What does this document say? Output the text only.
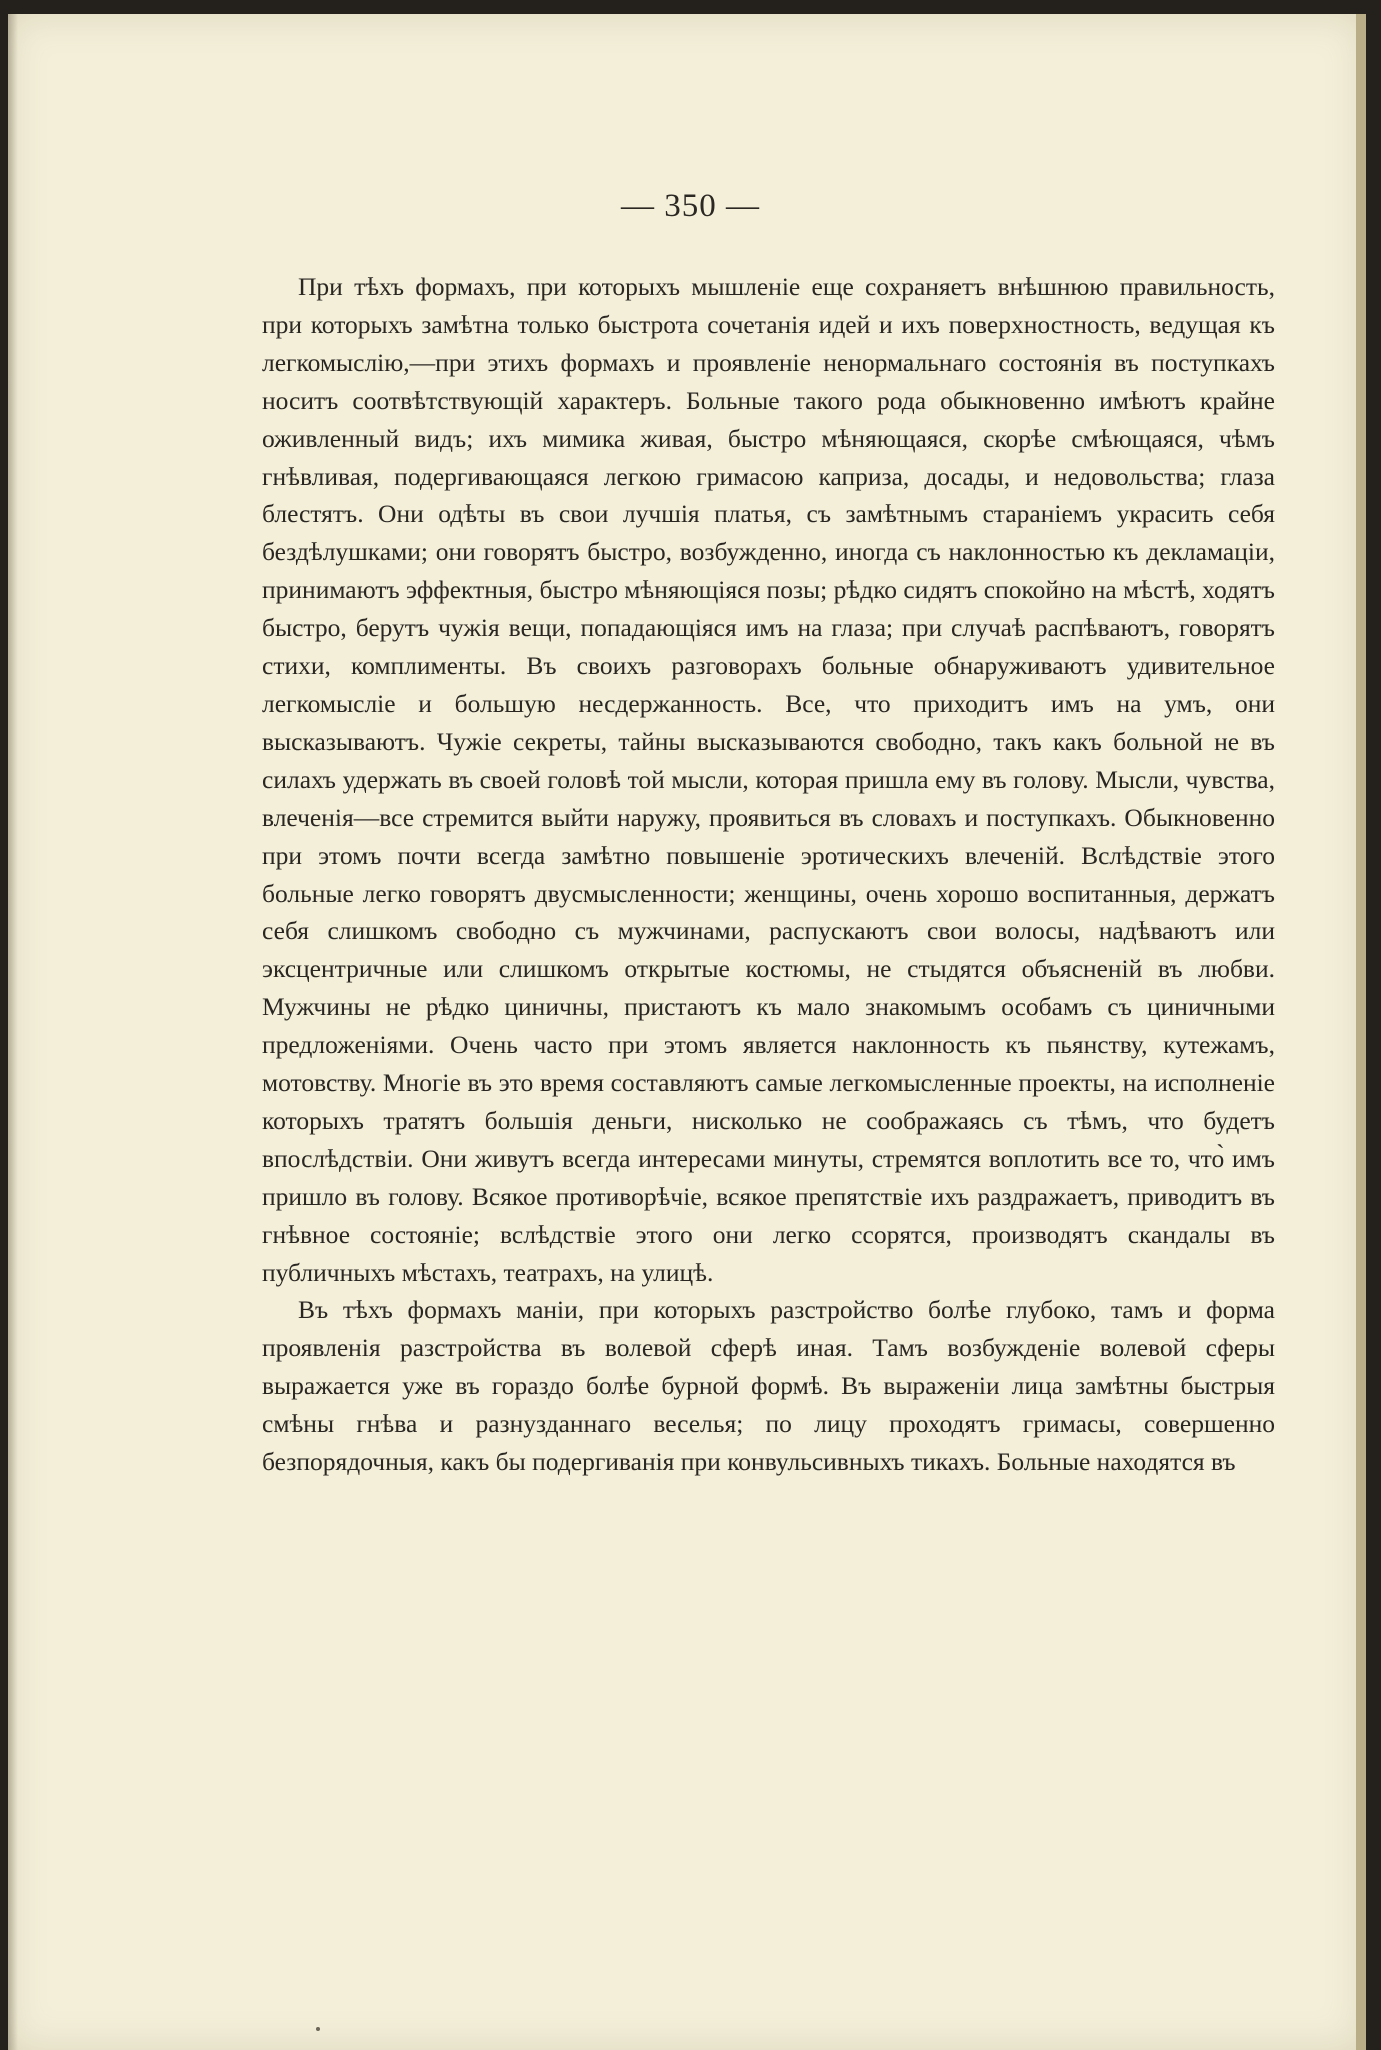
— 350 —

При тѣхъ формахъ, при которыхъ мышленіе еще сохраняетъ внѣшнюю правильность, при которыхъ замѣтна только быстрота сочетанія идей и ихъ поверхностность, ведущая къ легкомыслію,—при этихъ формахъ и проявленіе ненормальнаго состоянія въ поступкахъ носитъ соотвѣтствующій характеръ. Больные такого рода обыкновенно имѣютъ крайне оживленный видъ; ихъ мимика живая, быстро мѣняющаяся, скорѣе смѣющаяся, чѣмъ гнѣвливая, подергивающаяся легкою гримасою каприза, досады, и недовольства; глаза блестятъ. Они одѣты въ свои лучшія платья, съ замѣтнымъ стараніемъ украсить себя бездѣлушками; они говорятъ быстро, возбужденно, иногда съ наклонностью къ декламаціи, принимаютъ эффектныя, быстро мѣняющіяся позы; рѣдко сидятъ спокойно на мѣстѣ, ходятъ быстро, берутъ чужія вещи, попадающіяся имъ на глаза; при случаѣ распѣваютъ, говорятъ стихи, комплименты. Въ своихъ разговорахъ больные обнаруживаютъ удивительное легкомысліе и большую несдержанность. Все, что приходитъ имъ на умъ, они высказываютъ. Чужіе секреты, тайны высказываются свободно, такъ какъ больной не въ силахъ удержать въ своей головѣ той мысли, которая пришла ему въ голову. Мысли, чувства, влеченія—все стремится выйти наружу, проявиться въ словахъ и поступкахъ. Обыкновенно при этомъ почти всегда замѣтно повышеніе эротическихъ влеченій. Вслѣдствіе этого больные легко говорятъ двусмысленности; женщины, очень хорошо воспитанныя, держатъ себя слишкомъ свободно съ мужчинами, распускаютъ свои волосы, надѣваютъ или эксцентричные или слишкомъ открытые костюмы, не стыдятся объясненій въ любви. Мужчины не рѣдко циничны, пристаютъ къ мало знакомымъ особамъ съ циничными предложеніями. Очень часто при этомъ является наклонность къ пьянству, кутежамъ, мотовству. Многіе въ это время составляютъ самые легкомысленные проекты, на исполненіе которыхъ тратятъ большія деньги, нисколько не соображаясь съ тѣмъ, что будетъ впослѣдствіи. Они живутъ всегда интересами минуты, стремятся воплотить все то, что̀ имъ пришло въ голову. Всякое противорѣчіе, всякое препятствіе ихъ раздражаетъ, приводитъ въ гнѣвное состояніе; вслѣдствіе этого они легко ссорятся, производятъ скандалы въ публичныхъ мѣстахъ, театрахъ, на улицѣ.

Въ тѣхъ формахъ маніи, при которыхъ разстройство болѣе глубоко, тамъ и форма проявленія разстройства въ волевой сферѣ иная. Тамъ возбужденіе волевой сферы выражается уже въ гораздо болѣе бурной формѣ. Въ выраженіи лица замѣтны быстрыя смѣны гнѣва и разнузданнаго веселья; по лицу проходятъ гримасы, совершенно безпорядочныя, какъ бы подергиванія при конвульсивныхъ тикахъ. Больные находятся въ
